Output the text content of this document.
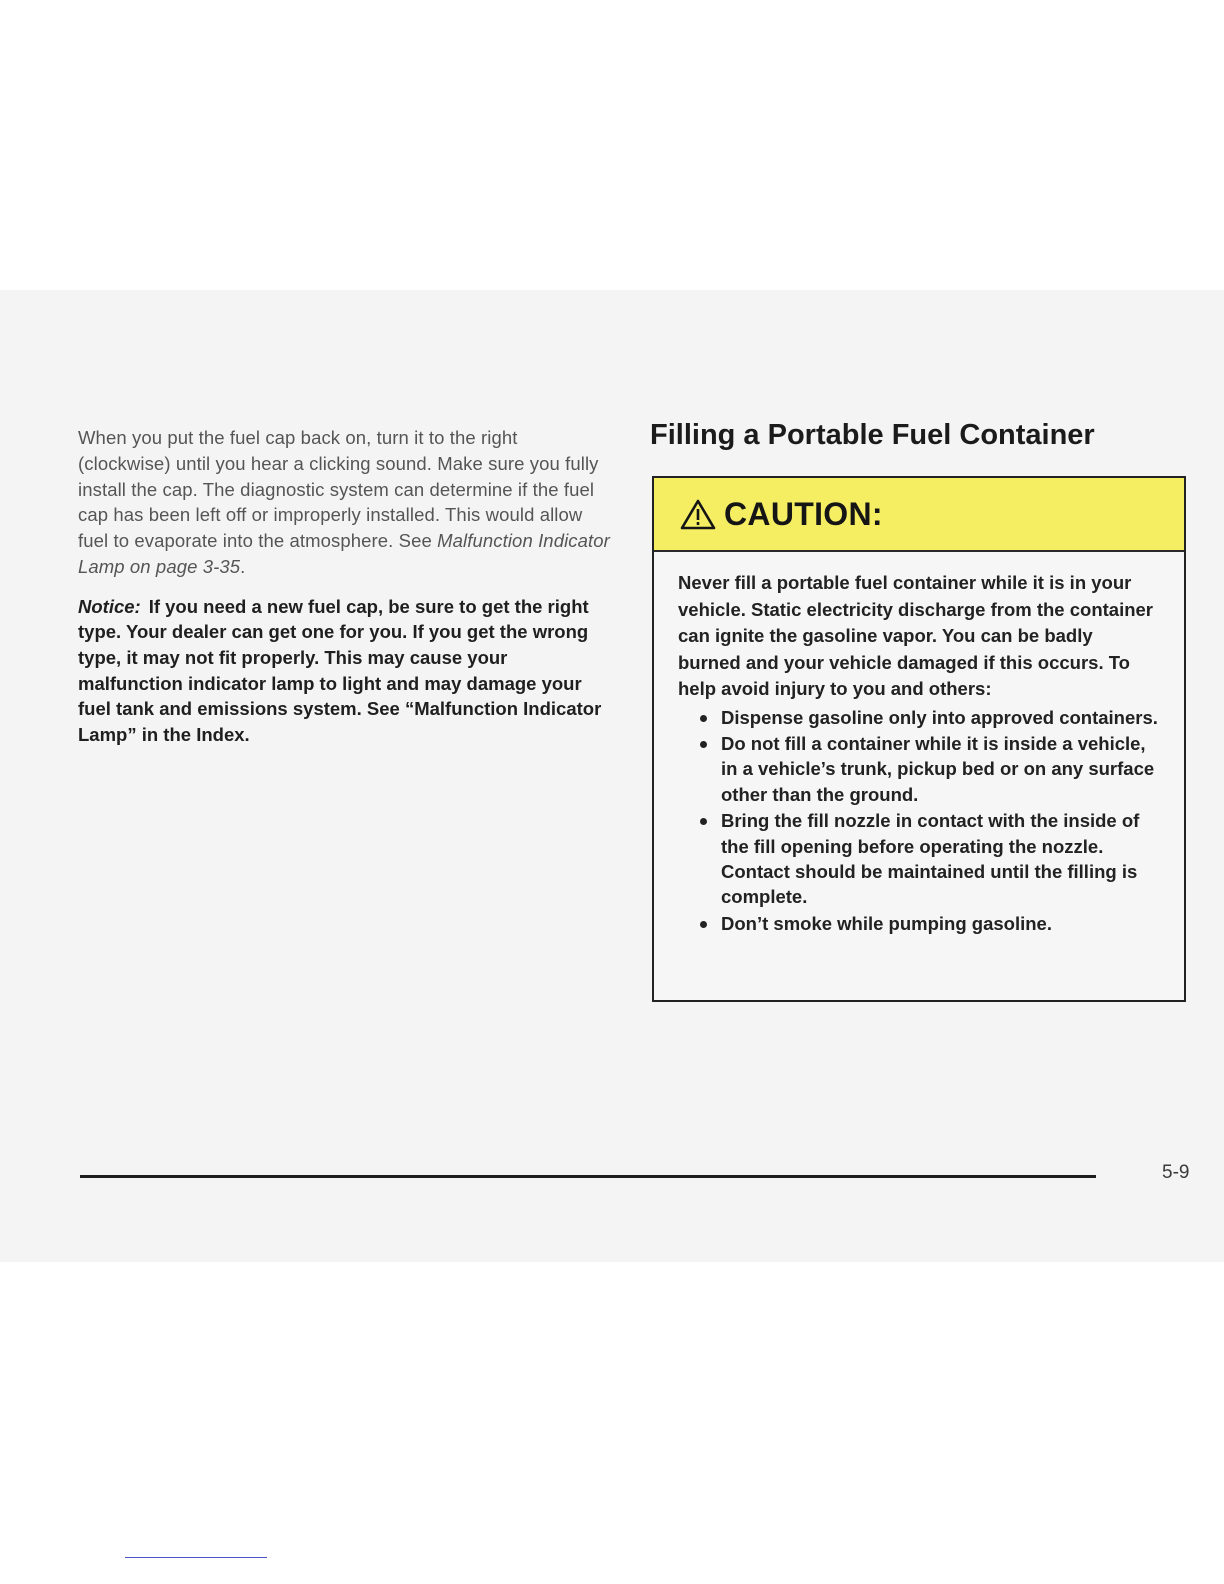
When you put the fuel cap back on, turn it to the right (clockwise) until you hear a clicking sound. Make sure you fully install the cap. The diagnostic system can determine if the fuel cap has been left off or improperly installed. This would allow fuel to evaporate into the atmosphere. See Malfunction Indicator Lamp on page 3-35.

Notice: If you need a new fuel cap, be sure to get the right type. Your dealer can get one for you. If you get the wrong type, it may not fit properly. This may cause your malfunction indicator lamp to light and may damage your fuel tank and emissions system. See “Malfunction Indicator Lamp” in the Index.

Filling a Portable Fuel Container
CAUTION:

Never fill a portable fuel container while it is in your vehicle. Static electricity discharge from the container can ignite the gasoline vapor. You can be badly burned and your vehicle damaged if this occurs. To help avoid injury to you and others:

Dispense gasoline only into approved containers.
Do not fill a container while it is inside a vehicle, in a vehicle’s trunk, pickup bed or on any surface other than the ground.
Bring the fill nozzle in contact with the inside of the fill opening before operating the nozzle. Contact should be maintained until the filling is complete.
Don’t smoke while pumping gasoline.
5-9
